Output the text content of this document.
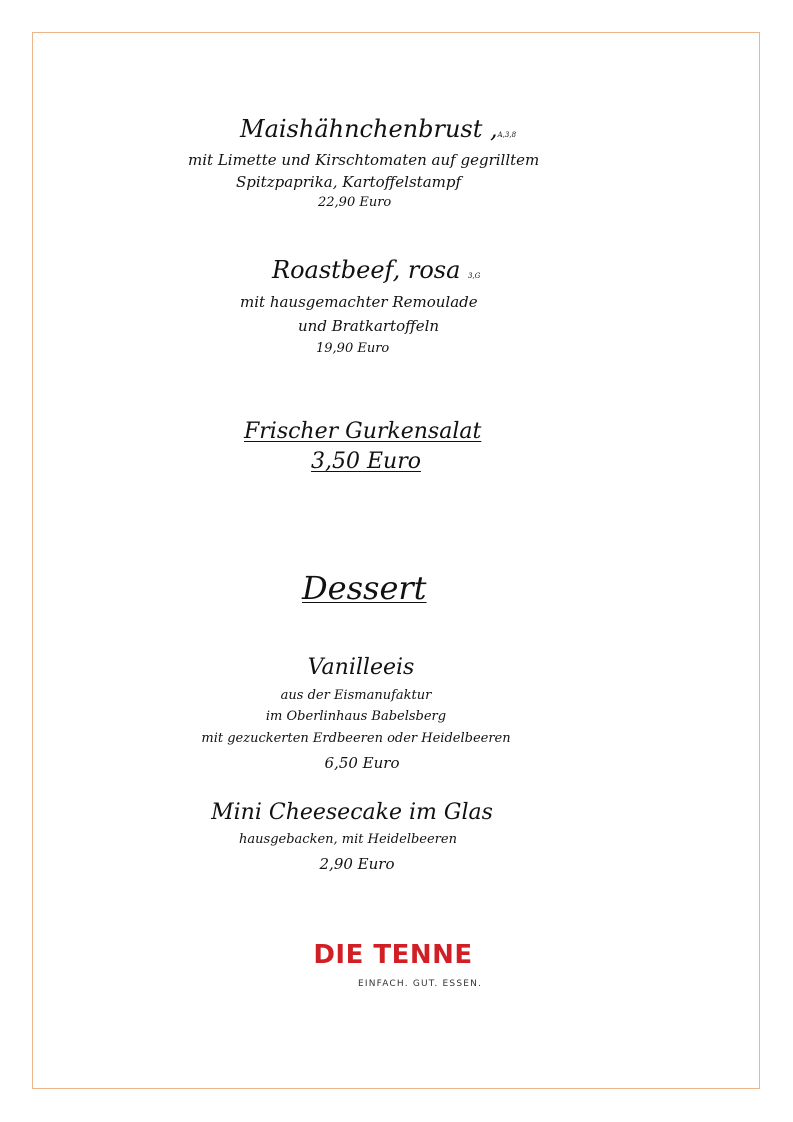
Maishähnchenbrust ,A,3,8
mit Limette und Kirschtomaten auf gegrilltem
Spitzpaprika, Kartoffelstampf
22,90 Euro
Roastbeef, rosa 3,G
mit hausgemachter Remoulade
und Bratkartoffeln
19,90 Euro
Frischer Gurkensalat
3,50 Euro
Dessert
Vanilleeis
aus der Eismanufaktur
im Oberlinhaus Babelsberg
mit gezuckerten Erdbeeren oder Heidelbeeren
6,50 Euro
Mini Cheesecake im Glas
hausgebacken, mit Heidelbeeren
2,90 Euro
DIE TENNE
EINFACH. GUT. ESSEN.
